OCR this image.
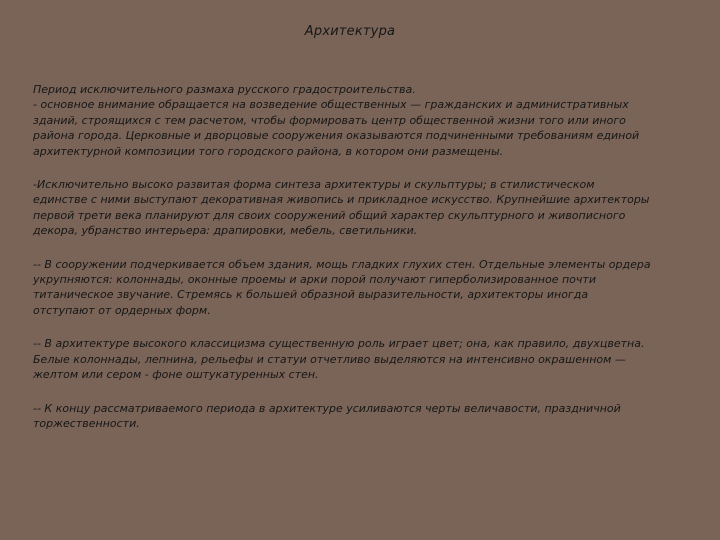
Архитектура
Период исключительного размаха русского градостроительства.
- основное внимание обращается на возведение общественных — гражданских и административных
зданий, строящихся с тем расчетом, чтобы формировать центр общественной жизни того или иного
района города. Церковные и дворцовые сооружения оказываются подчиненными требованиям единой
архитектурной композиции того городского района, в котором они размещены.
-Исключительно высоко развитая форма синтеза архитектуры и скульптуры; в стилистическом
единстве с ними выступают декоративная живопись и прикладное искусство. Крупнейшие архитекторы
первой трети века планируют для своих сооружений общий характер скульптурного и живописного
декора, убранство интерьера: драпировки, мебель, светильники.
-- В сооружении подчеркивается объем здания, мощь гладких глухих стен. Отдельные элементы ордера
укрупняются: колоннады, оконные проемы и арки порой получают гиперболизированное почти
титаническое звучание. Стремясь к большей образной выразительности, архитекторы иногда
отступают от ордерных форм.
-- В архитектуре высокого классицизма существенную роль играет цвет; она, как правило, двухцветна.
Белые колоннады, лепнина, рельефы и статуи отчетливо выделяются на интенсивно окрашенном —
желтом или сером - фоне оштукатуренных стен.
-- К концу рассматриваемого периода в архитектуре усиливаются черты величавости, праздничной
торжественности.
